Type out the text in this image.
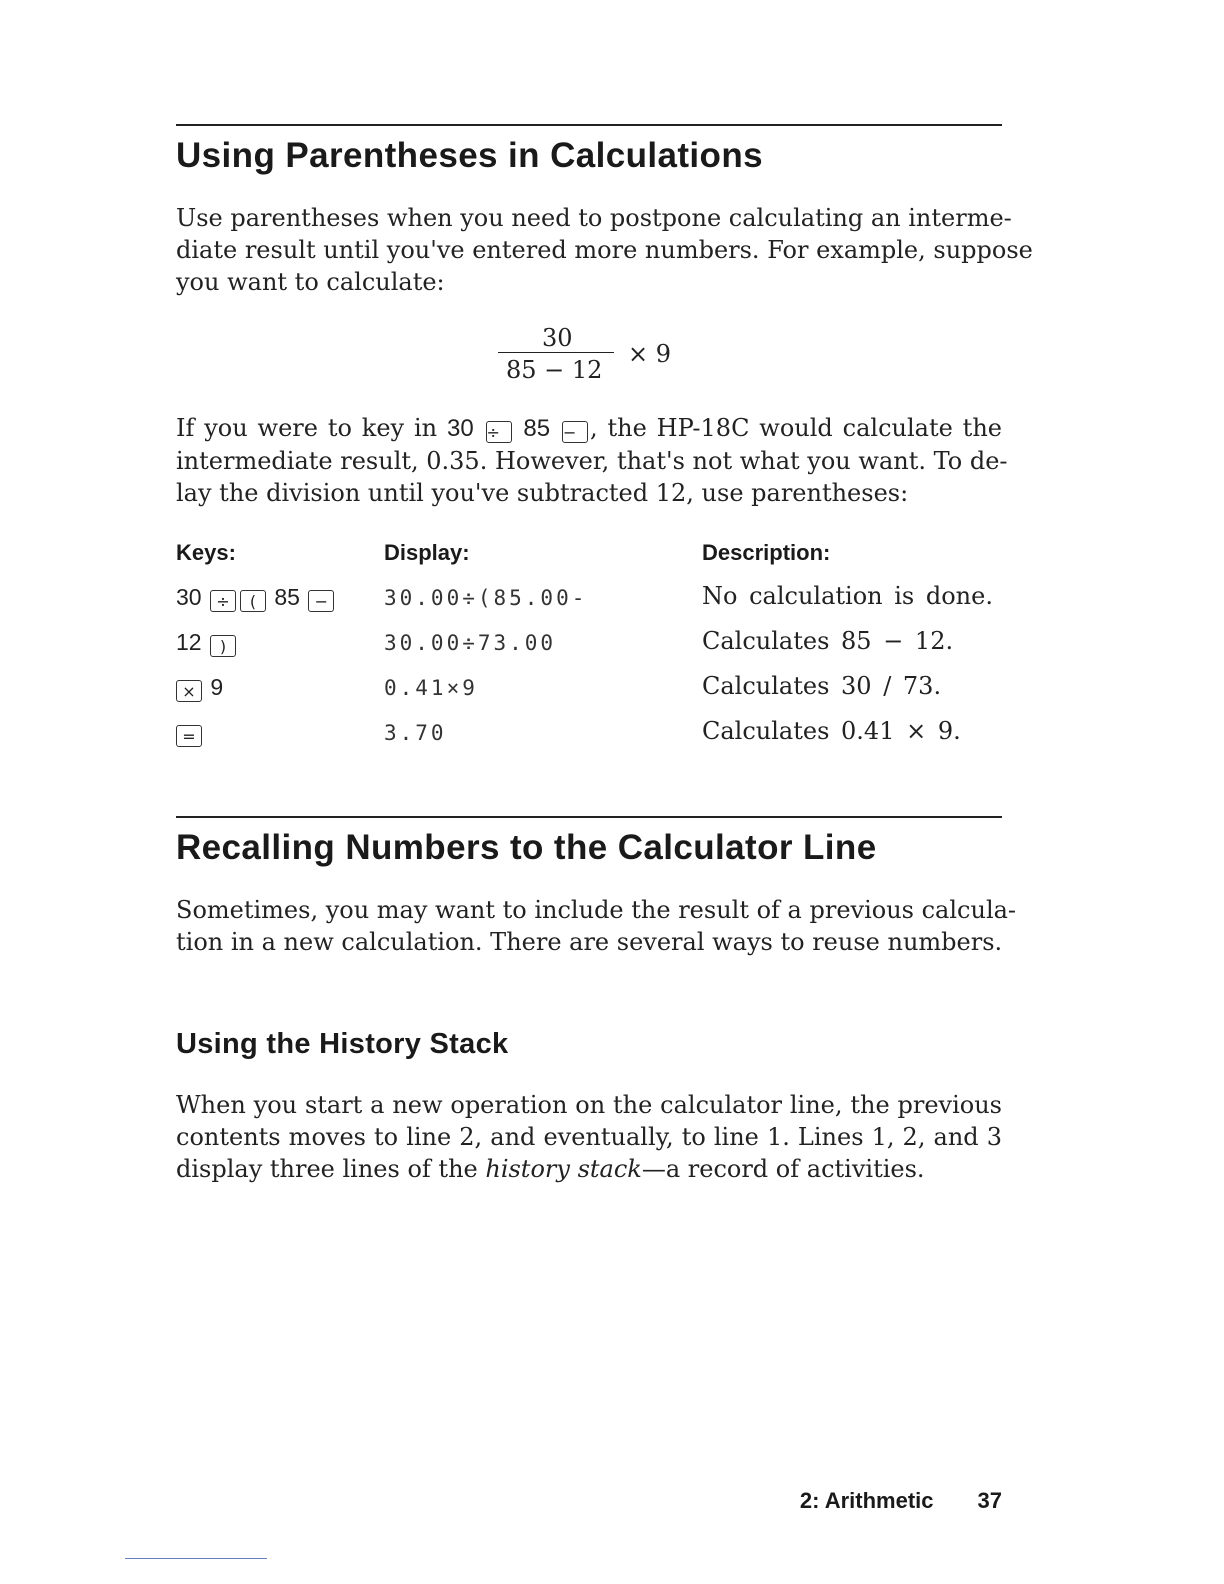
Using Parentheses in Calculations

Use parentheses when you need to postpone calculating an interme-
diate result until you've entered more numbers. For example, suppose
you want to calculate:

30
85 − 12
× 9

If you were to key in 30 ÷ 85 − , the HP-18C would calculate the
intermediate result, 0.35. However, that's not what you want. To de-
lay the division until you've subtracted 12, use parentheses:

Keys:	Display:	Description:
30 ÷ ( 85 −	30.00÷(85.00-	No calculation is done.
12 )	30.00÷73.00	Calculates 85 − 12.
× 9	0.41×9	Calculates 30 / 73.
=	3.70	Calculates 0.41 × 9.
Recalling Numbers to the Calculator Line

Sometimes, you may want to include the result of a previous calcula-
tion in a new calculation. There are several ways to reuse numbers.

Using the History Stack

When you start a new operation on the calculator line, the previous
contents moves to line 2, and eventually, to line 1. Lines 1, 2, and 3
display three lines of the history stack—a record of activities.

2: Arithmetic 37
